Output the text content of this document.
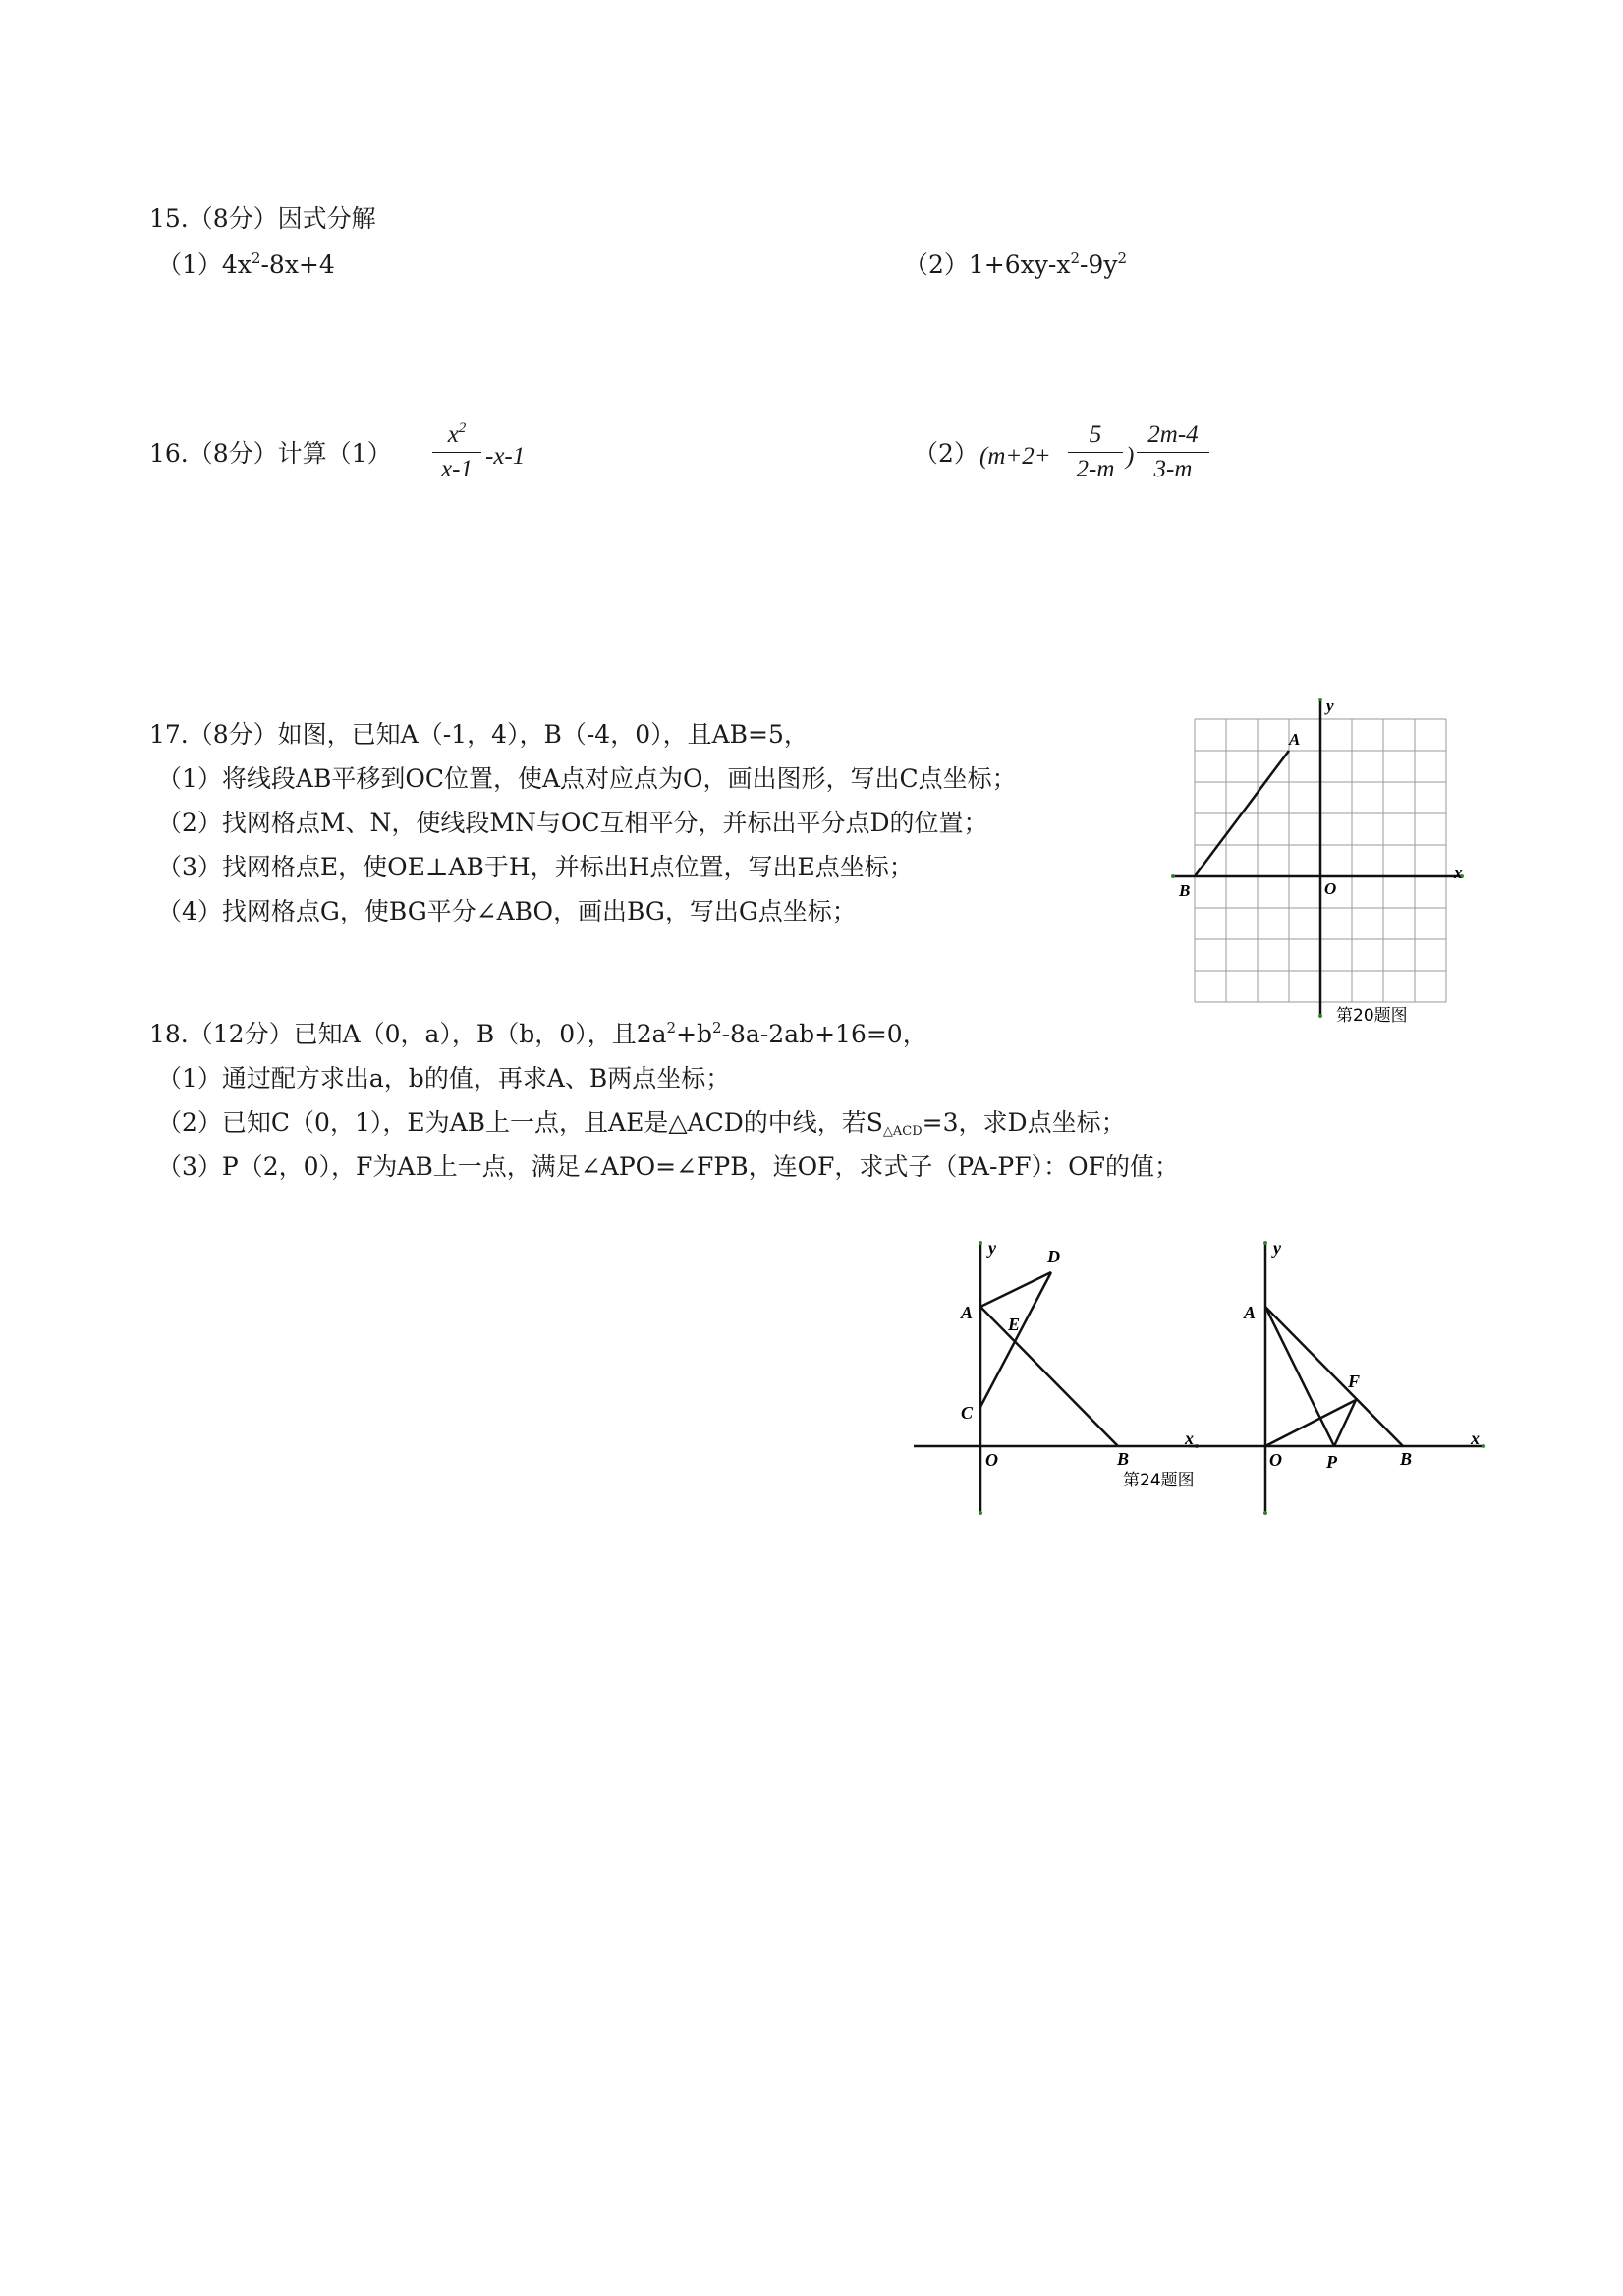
15.（8分）因式分解
$(1)4x^2-8x+4$	$(2)1+6xy-x^2-9y^2$
16.（8分）计算（1）
$x^2$
x-1 -x-1	（2） (m+2+
5
2-m )
2m-4
3-m
17.（8分）如图，已知A（-1，4），B（-4，0），且AB=5，
（1）将线段AB平移到OC位置，使A点对应点为O，画出图形，写出C点坐标；
（2）找网格点M、N，使线段MN与OC互相平分，并标出平分点D的位置；
（3）找网格点E，使OE⊥AB于H，并标出H点位置，写出E点坐标；
（4）找网格点G，使BG平分∠ABO，画出BG，写出G点坐标；
A
B	O
x
y
第20题图
18.（12分）已知A（0，a），B（b，0），且$2a^2+b^2-8a-2ab+16=0$，
（1）通过配方求出a，b的值，再求A、B两点坐标；
（2）已知C（0，1），E为AB上一点，且AE是△ACD的中线，若$S_{\triangle ACD}=3$，求D点坐标；
（3）P（2，0），F为AB上一点，满足∠APO=∠FPB，连OF，求式子（PA-PF）：OF的值；
A
B
C
D
E
O
x
y
第24题图
A
B
F
P
O
x
y
